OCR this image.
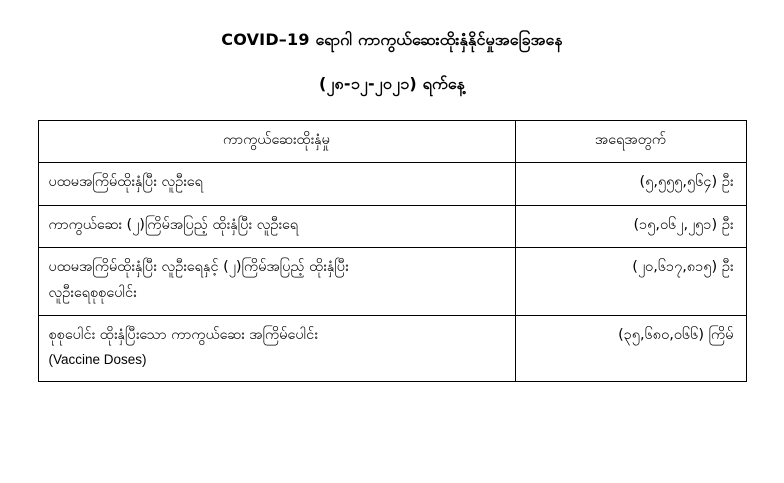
COVID–19 ရောဂါ ကာကွယ်ဆေးထိုးနှံနိုင်မှုအခြေအနေ
(၂၈-၁၂-၂၀၂၁) ရက်နေ့
ကာကွယ်ဆေးထိုးနှံမှု	အရေအတွက်

ပထမအကြိမ်ထိုးနှံပြီး လူဦးရေ	(၅,၅၅၅,၅၆၄) ဦး

ကာကွယ်ဆေး (၂)ကြိမ်အပြည့် ထိုးနှံပြီး လူဦးရေ	(၁၅,၀၆၂,၂၅၁) ဦး

ပထမအကြိမ်ထိုးနှံပြီး လူဦးရေနှင့် (၂)ကြိမ်အပြည့် ထိုးနှံပြီး
လူဦးရေစုစုပေါင်း	(၂၀,၆၁၇,၈၁၅) ဦး

စုစုပေါင်း ထိုးနှံပြီးသော ကာကွယ်ဆေး အကြိမ်ပေါင်း
(Vaccine Doses)	(၃၅,၆၈၀,၀၆၆) ကြိမ်
